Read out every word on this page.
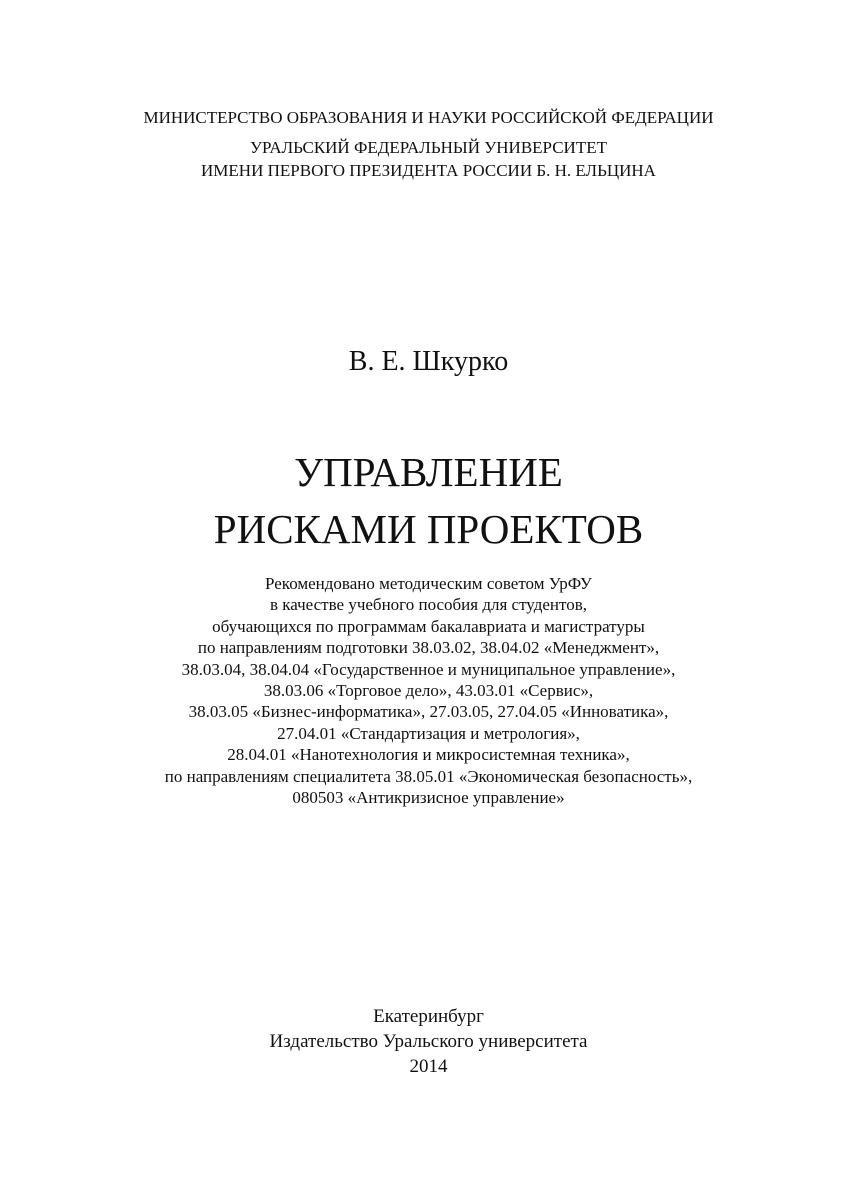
МИНИСТЕРСТВО ОБРАЗОВАНИЯ И НАУКИ РОССИЙСКОЙ ФЕДЕРАЦИИ
УРАЛЬСКИЙ ФЕДЕРАЛЬНЫЙ УНИВЕРСИТЕТ
ИМЕНИ ПЕРВОГО ПРЕЗИДЕНТА РОССИИ Б. Н. ЕЛЬЦИНА
В. Е. Шкурко
УПРАВЛЕНИЕ
РИСКАМИ ПРОЕКТОВ
Рекомендовано методическим советом УрФУ
в качестве учебного пособия для студентов,
обучающихся по программам бакалавриата и магистратуры
по направлениям подготовки 38.03.02, 38.04.02 «Менеджмент»,
38.03.04, 38.04.04 «Государственное и муниципальное управление»,
38.03.06 «Торговое дело», 43.03.01 «Сервис»,
38.03.05 «Бизнес-информатика», 27.03.05, 27.04.05 «Инноватика»,
27.04.01 «Стандартизация и метрология»,
28.04.01 «Нанотехнология и микросистемная техника»,
по направлениям специалитета 38.05.01 «Экономическая безопасность»,
080503 «Антикризисное управление»
Екатеринбург
Издательство Уральского университета
2014
